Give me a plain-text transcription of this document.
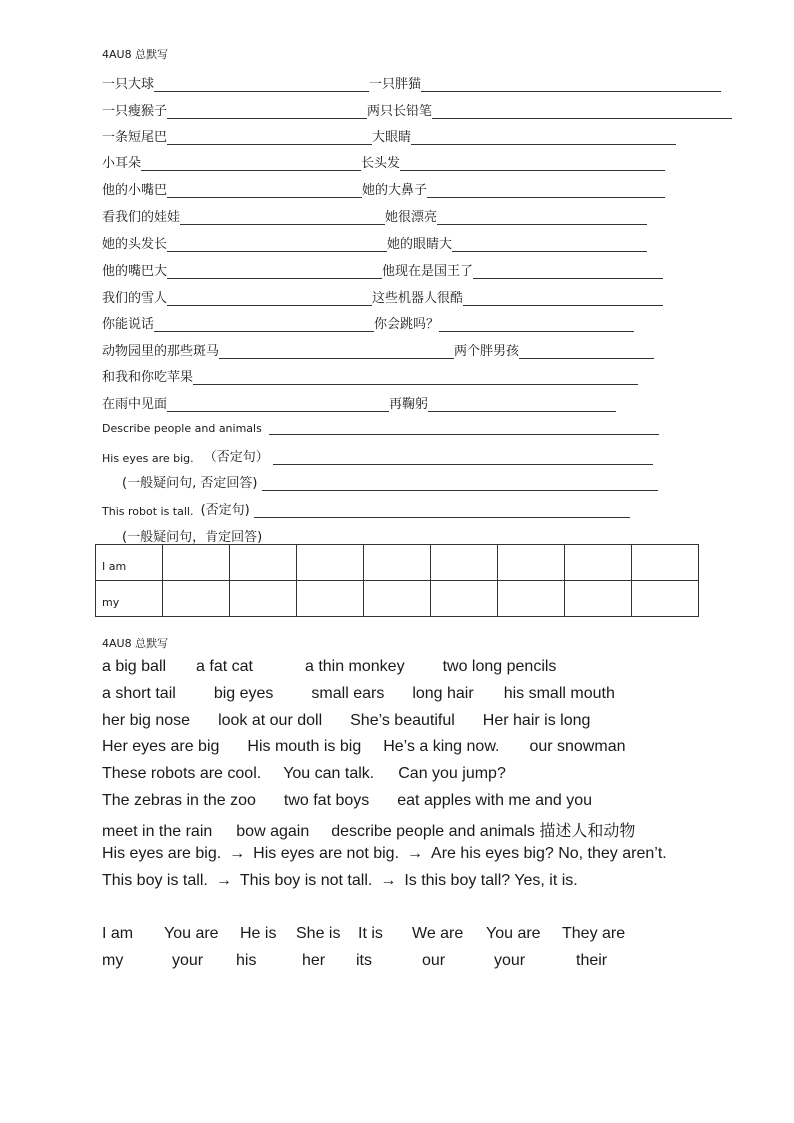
4AU8 总默写
一只大球	一只胖猫
一只瘦猴子	两只长铅笔
一条短尾巴	大眼睛
小耳朵	长头发
他的小嘴巴	她的大鼻子
看我们的娃娃	她很漂亮
她的头发长	她的眼睛大
他的嘴巴大	他现在是国王了
我们的雪人	这些机器人很酷
你能说话	你会跳吗？
动物园里的那些斑马	两个胖男孩
和我和你吃苹果
在雨中见面	再鞠躬
Describe people and animals
His eyes are big. （否定句）
(一般疑问句, 否定回答)
This robot is tall. (否定句)
(一般疑问句，肯定回答)
I am								
my								
4AU8 总默写
a big ball a fat cat	a thin monkey two long pencils
a short tail big eyes small ears long hair his small mouth
her big nose look at our doll She’s beautiful Her hair is long
Her eyes are big His mouth is big He’s a king now. our snowman
These robots are cool. You can talk. Can you jump?
The zebras in the zoo two fat boys eat apples with me and you
meet in the rain bow again describe people and animals 描述人和动物
His eyes are big. → His eyes are not big. → Are his eyes big? No, they aren’t.
This boy is tall. → This boy is not tall. → Is this boy tall? Yes, it is.
I am You are He is She is It is We are You are They are
my	your his	her its	our	your	their
